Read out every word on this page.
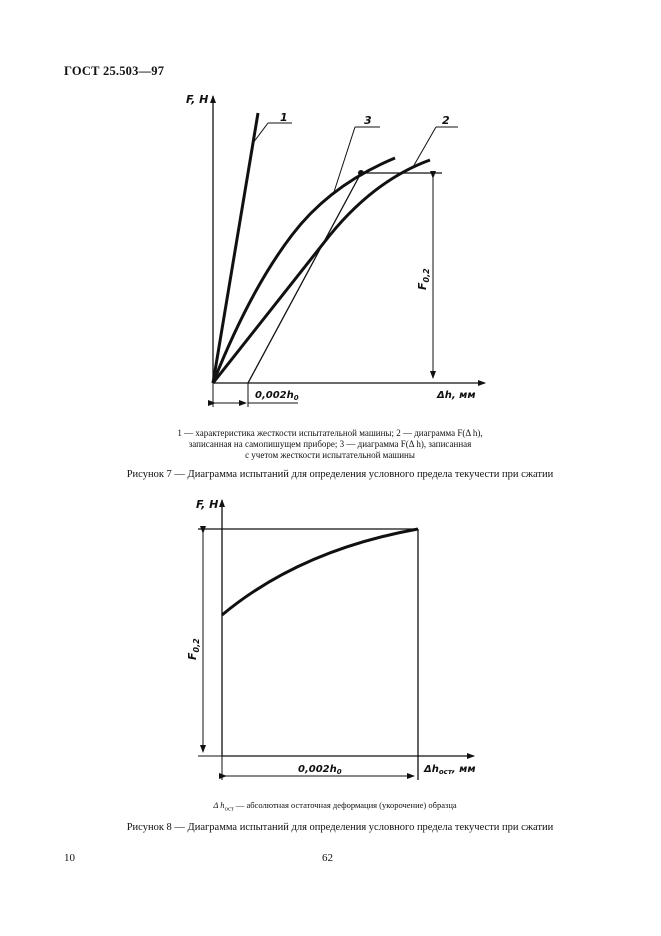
ГОСТ 25.503—97
F, Н
Δh, мм
$F_{0,2}$
$0,002h_0$
1	3	2
1 — характеристика жесткости испытательной машины; 2 — диаграмма F(Δ h),
записанная на самопишущем приборе; 3 — диаграмма F(Δ h), записанная
с учетом жесткости испытательной машины
Рисунок 7 — Диаграмма испытаний для определения условного предела текучести при сжатии
F, Н
$\Delta h_{ост}$, мм
$F_{0,2}$
$0,002h_0$
Δ $h_{ост}$ — абсолютная остаточная деформация (укорочение) образца
Рисунок 8 — Диаграмма испытаний для определения условного предела текучести при сжатии
10	62
